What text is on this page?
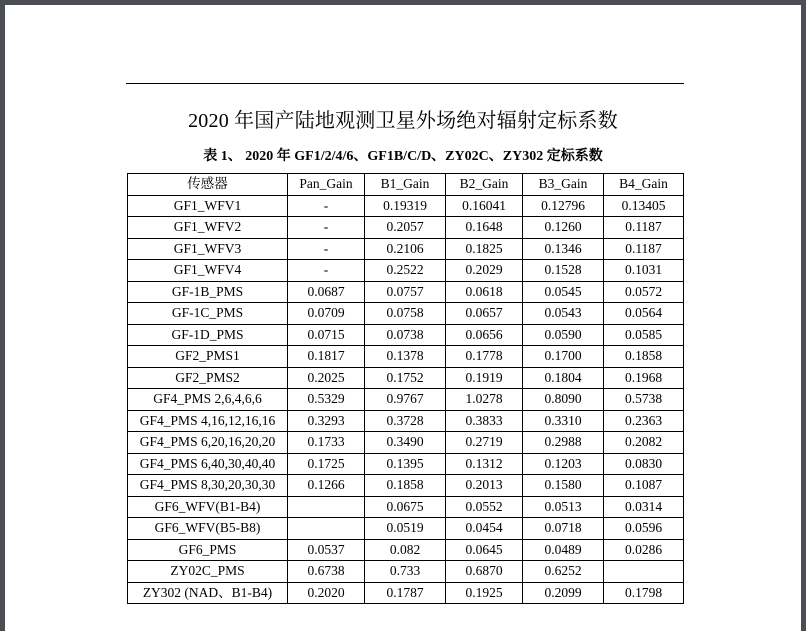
2020 年国产陆地观测卫星外场绝对辐射定标系数
表 1、 2020 年 GF1/2/4/6、GF1B/C/D、ZY02C、ZY302 定标系数
传感器	Pan_Gain	B1_Gain	B2_Gain	B3_Gain	B4_Gain
GF1_WFV1	-	0.19319	0.16041	0.12796	0.13405
GF1_WFV2	-	0.2057	0.1648	0.1260	0.1187
GF1_WFV3	-	0.2106	0.1825	0.1346	0.1187
GF1_WFV4	-	0.2522	0.2029	0.1528	0.1031
GF-1B_PMS	0.0687	0.0757	0.0618	0.0545	0.0572
GF-1C_PMS	0.0709	0.0758	0.0657	0.0543	0.0564
GF-1D_PMS	0.0715	0.0738	0.0656	0.0590	0.0585
GF2_PMS1	0.1817	0.1378	0.1778	0.1700	0.1858
GF2_PMS2	0.2025	0.1752	0.1919	0.1804	0.1968
GF4_PMS 2,6,4,6,6	0.5329	0.9767	1.0278	0.8090	0.5738
GF4_PMS 4,16,12,16,16	0.3293	0.3728	0.3833	0.3310	0.2363
GF4_PMS 6,20,16,20,20	0.1733	0.3490	0.2719	0.2988	0.2082
GF4_PMS 6,40,30,40,40	0.1725	0.1395	0.1312	0.1203	0.0830
GF4_PMS 8,30,20,30,30	0.1266	0.1858	0.2013	0.1580	0.1087
GF6_WFV(B1-B4)		0.0675	0.0552	0.0513	0.0314
GF6_WFV(B5-B8)		0.0519	0.0454	0.0718	0.0596
GF6_PMS	0.0537	0.082	0.0645	0.0489	0.0286
ZY02C_PMS	0.6738	0.733	0.6870	0.6252	
ZY302 (NAD、B1-B4)	0.2020	0.1787	0.1925	0.2099	0.1798
